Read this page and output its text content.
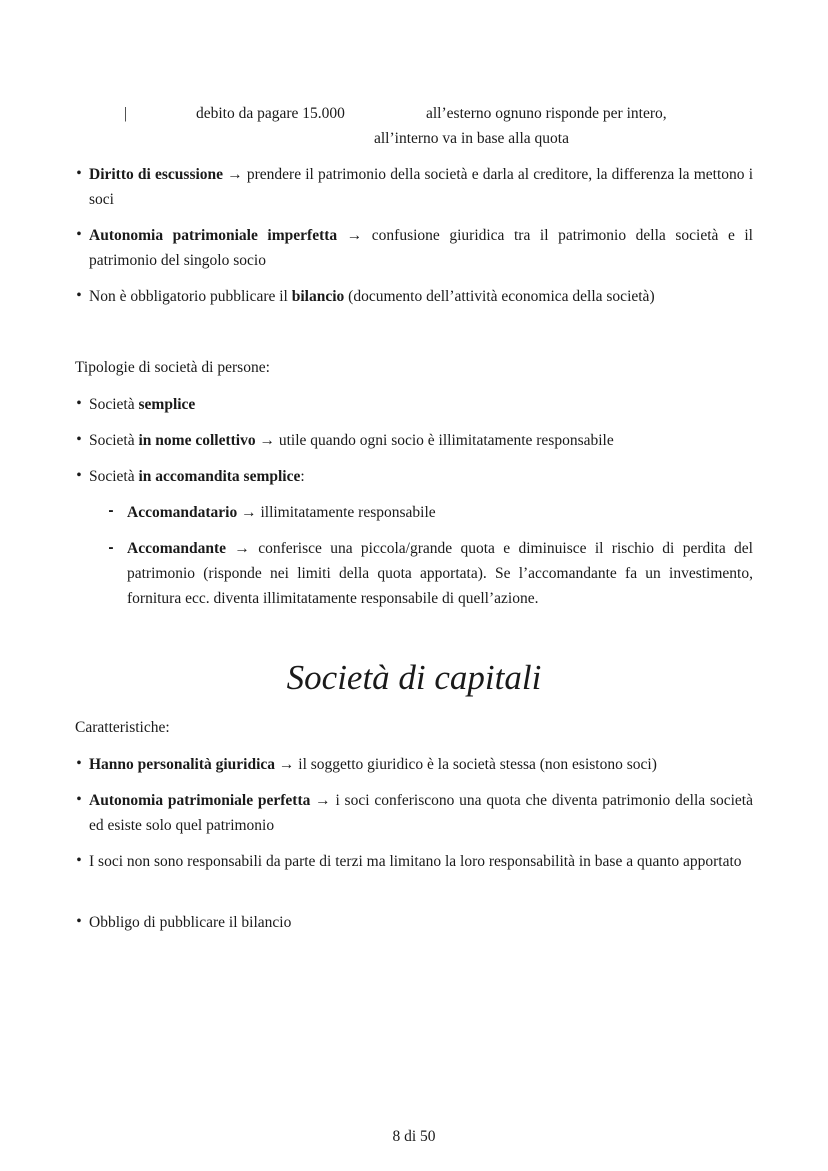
|	debito da pagare 15.000	all’esterno ognuno risponde per intero,
all’interno va in base alla quota
• Diritto di escussione → prendere il patrimonio della società e darla al creditore, la differenza la mettono i soci
• Autonomia patrimoniale imperfetta → confusione giuridica tra il patrimonio della società e il patrimonio del singolo socio
• Non è obbligatorio pubblicare il bilancio (documento dell’attività economica della società)
Tipologie di società di persone:
• Società semplice
• Società in nome collettivo → utile quando ogni socio è illimitatamente responsabile
• Società in accomandita semplice:
- Accomandatario → illimitatamente responsabile
- Accomandante → conferisce una piccola/grande quota e diminuisce il rischio di perdita del patrimonio (risponde nei limiti della quota apportata). Se l’accomandante fa un investimento, fornitura ecc. diventa illimitatamente responsabile di quell’azione.
Società di capitali
Caratteristiche:
• Hanno personalità giuridica → il soggetto giuridico è la società stessa (non esistono soci)
• Autonomia patrimoniale perfetta → i soci conferiscono una quota che diventa patrimonio della società ed esiste solo quel patrimonio
• I soci non sono responsabili da parte di terzi ma limitano la loro responsabilità in base a quanto apportato
• Obbligo di pubblicare il bilancio
8 di 50
